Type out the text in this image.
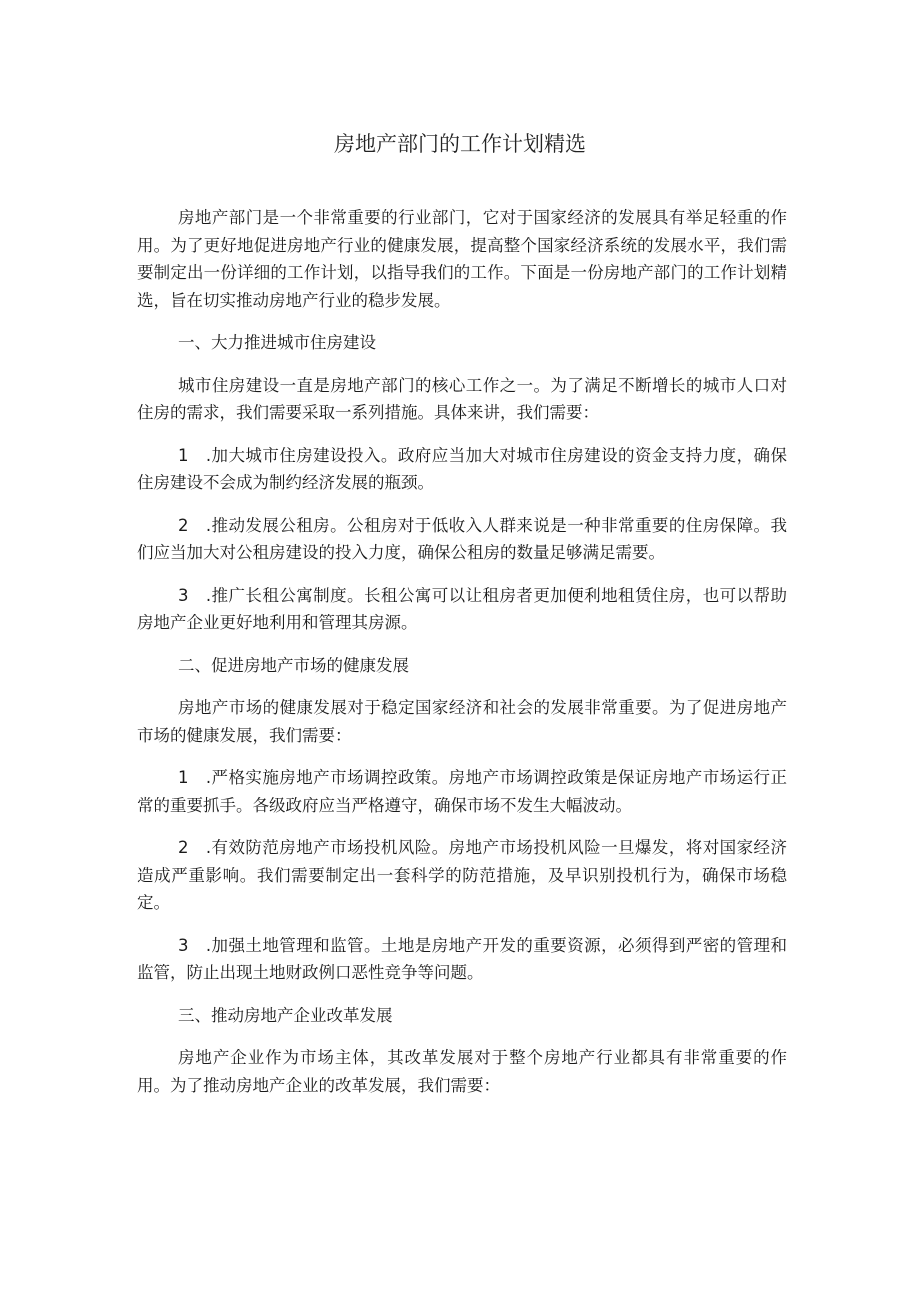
房地产部门的工作计划精选

房地产部门是一个非常重要的行业部门，它对于国家经济的发展具有举足轻重的作用。为了更好地促进房地产行业的健康发展，提高整个国家经济系统的发展水平，我们需要制定出一份详细的工作计划，以指导我们的工作。下面是一份房地产部门的工作计划精选，旨在切实推动房地产行业的稳步发展。

一、大力推进城市住房建设

城市住房建设一直是房地产部门的核心工作之一。为了满足不断增长的城市人口对住房的需求，我们需要采取一系列措施。具体来讲，我们需要：

1　.加大城市住房建设投入。政府应当加大对城市住房建设的资金支持力度，确保住房建设不会成为制约经济发展的瓶颈。

2　.推动发展公租房。公租房对于低收入人群来说是一种非常重要的住房保障。我们应当加大对公租房建设的投入力度，确保公租房的数量足够满足需要。

3　.推广长租公寓制度。长租公寓可以让租房者更加便利地租赁住房，也可以帮助房地产企业更好地利用和管理其房源。

二、促进房地产市场的健康发展

房地产市场的健康发展对于稳定国家经济和社会的发展非常重要。为了促进房地产市场的健康发展，我们需要：

1　.严格实施房地产市场调控政策。房地产市场调控政策是保证房地产市场运行正常的重要抓手。各级政府应当严格遵守，确保市场不发生大幅波动。

2　.有效防范房地产市场投机风险。房地产市场投机风险一旦爆发，将对国家经济造成严重影响。我们需要制定出一套科学的防范措施，及早识别投机行为，确保市场稳定。

3　.加强土地管理和监管。土地是房地产开发的重要资源，必须得到严密的管理和监管，防止出现土地财政例口恶性竞争等问题。

三、推动房地产企业改革发展

房地产企业作为市场主体，其改革发展对于整个房地产行业都具有非常重要的作用。为了推动房地产企业的改革发展，我们需要：
